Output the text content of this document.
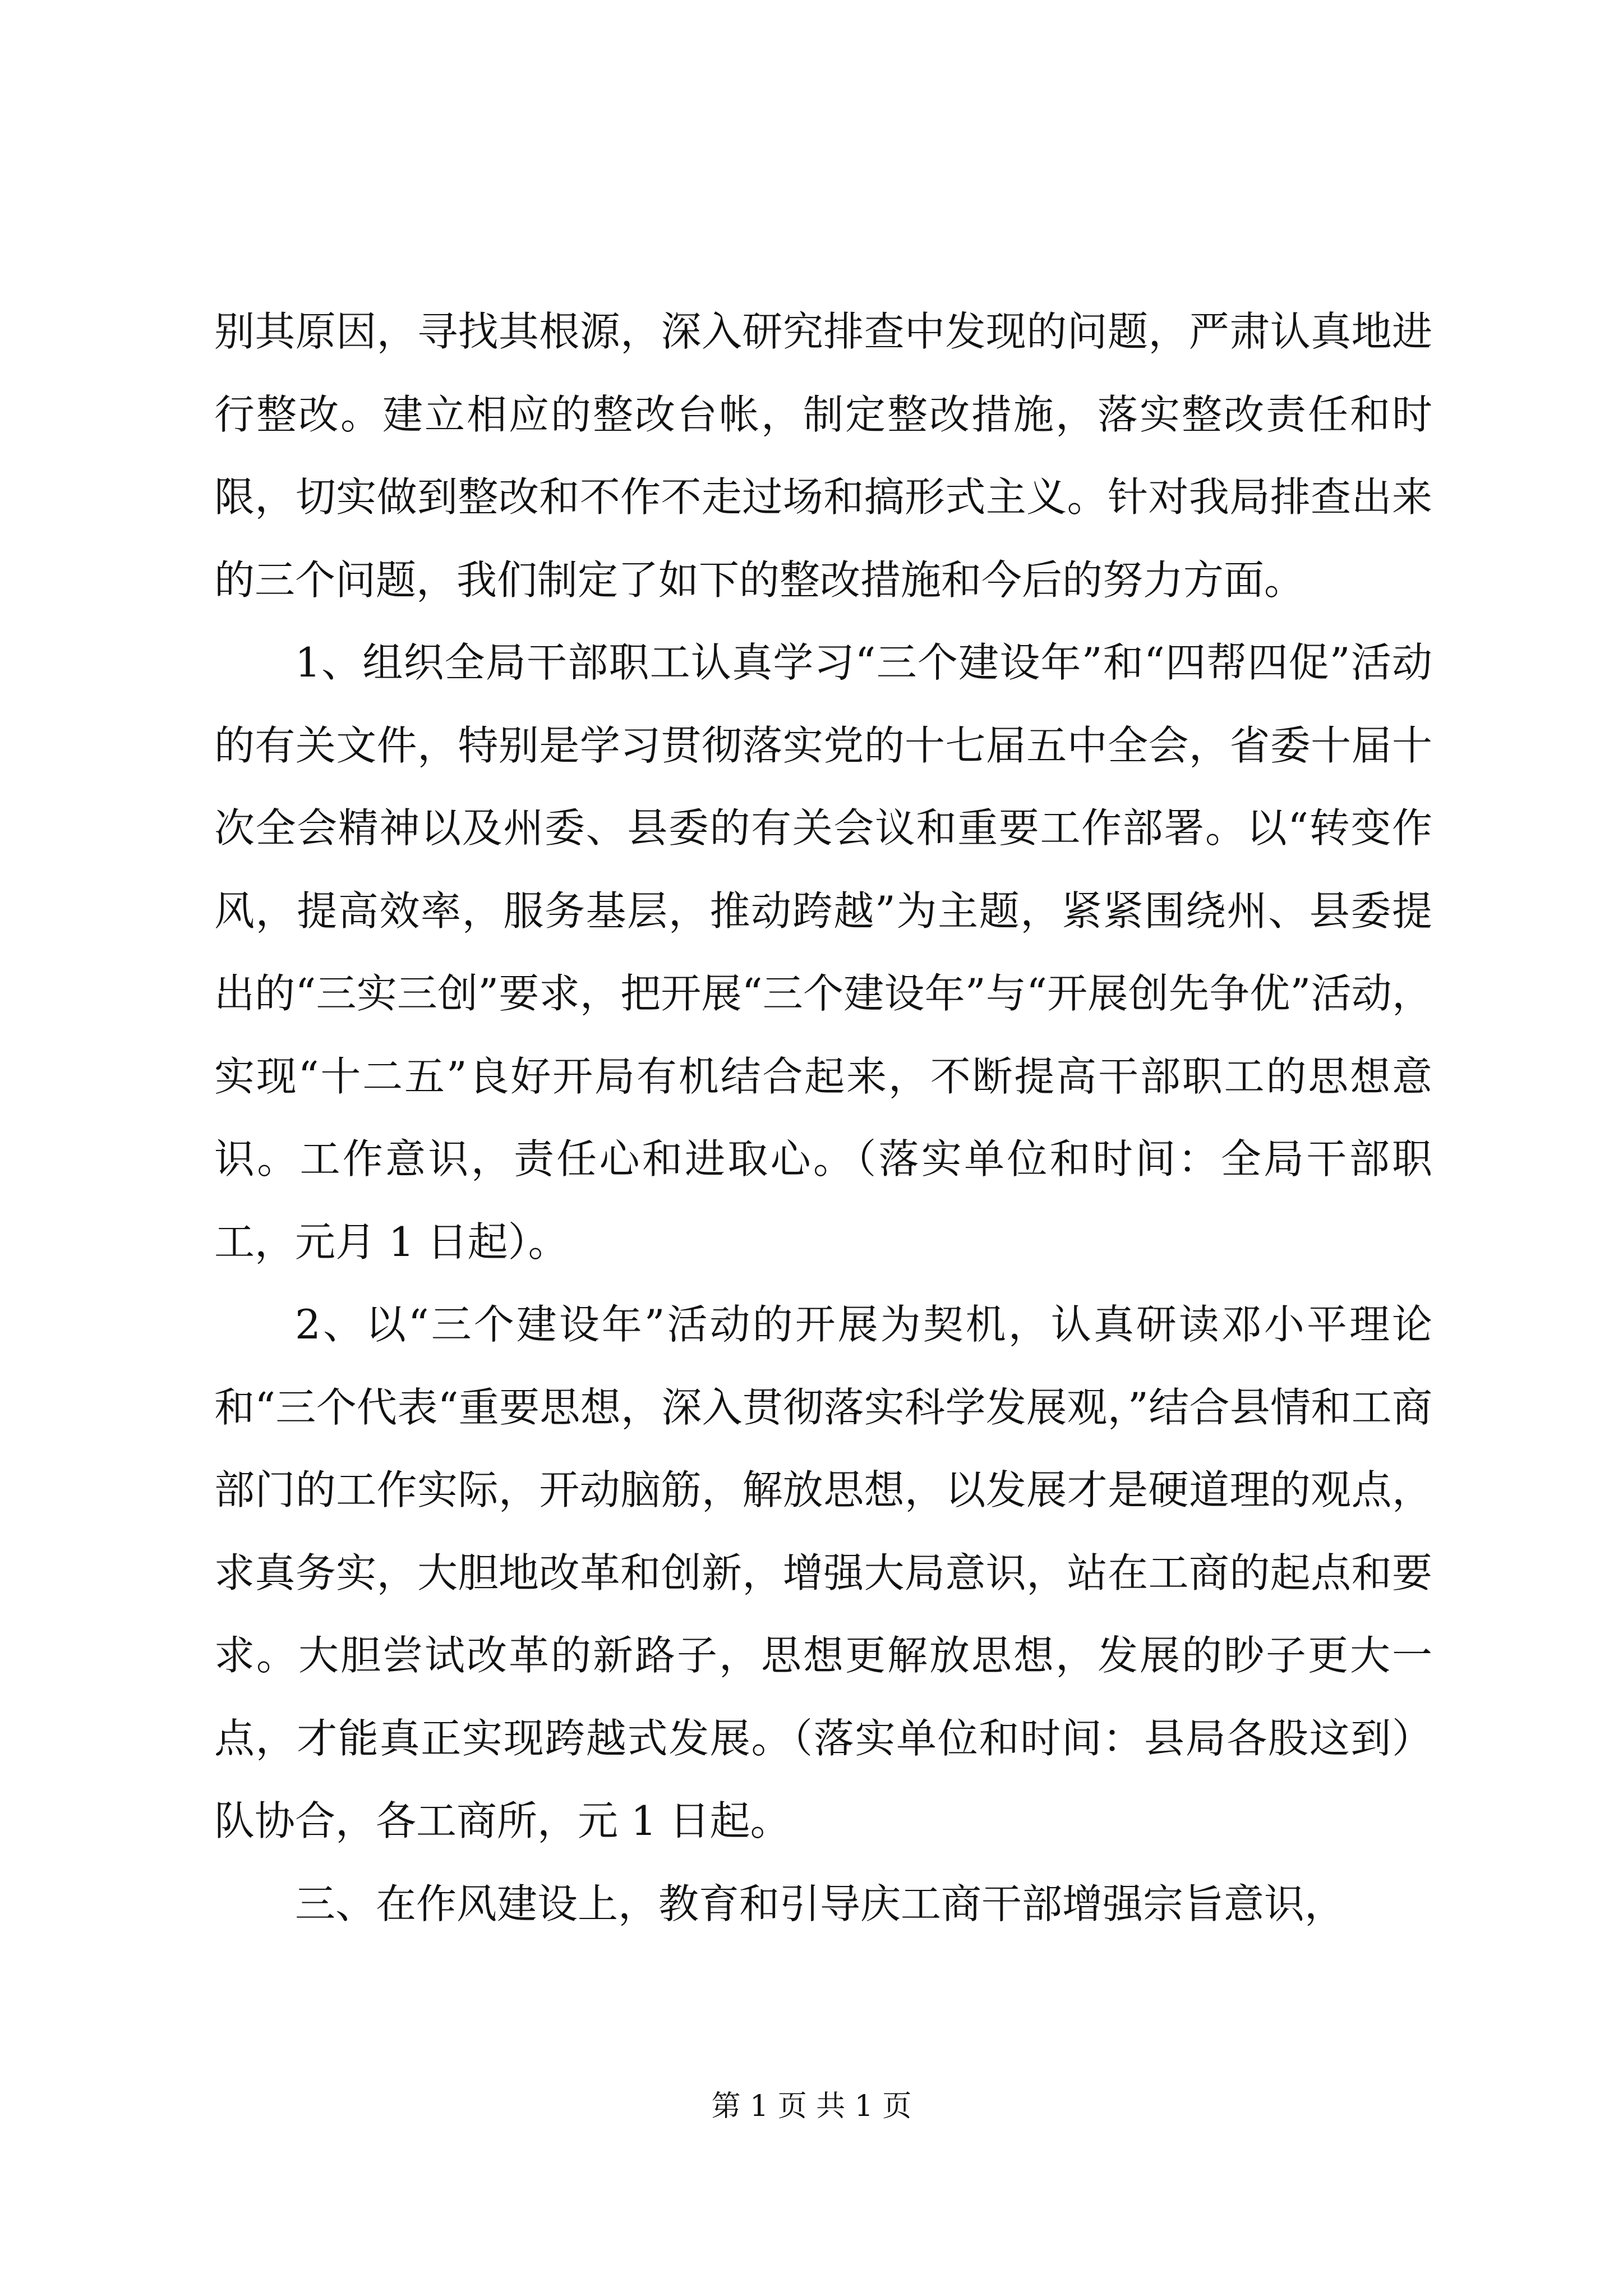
别其原因，寻找其根源，深入研究排查中发现的问题，严肃认真地进行整改。建立相应的整改台帐，制定整改措施，落实整改责任和时限，切实做到整改和不作不走过场和搞形式主义。针对我局排查出来的三个问题，我们制定了如下的整改措施和今后的努力方面。

1、组织全局干部职工认真学习“三个建设年”和“四帮四促”活动的有关文件，特别是学习贯彻落实党的十七届五中全会，省委十届十次全会精神以及州委、县委的有关会议和重要工作部署。以“转变作风，提高效率，服务基层，推动跨越”为主题，紧紧围绕州、县委提出的“三实三创”要求，把开展“三个建设年”与“开展创先争优”活动，实现“十二五”良好开局有机结合起来，不断提高干部职工的思想意识。工作意识，责任心和进取心。（落实单位和时间：全局干部职工，元月 1 日起）。

2、以“三个建设年”活动的开展为契机，认真研读邓小平理论和“三个代表“重要思想，深入贯彻落实科学发展观，”结合县情和工商部门的工作实际，开动脑筋，解放思想，以发展才是硬道理的观点，求真务实，大胆地改革和创新，增强大局意识，站在工商的起点和要求。大胆尝试改革的新路子，思想更解放思想，发展的眇子更大一点，才能真正实现跨越式发展。（落实单位和时间：县局各股这到）队协合，各工商所，元 1 日起。

三、在作风建设上，教育和引导庆工商干部增强宗旨意识，

第 1 页 共 1 页
